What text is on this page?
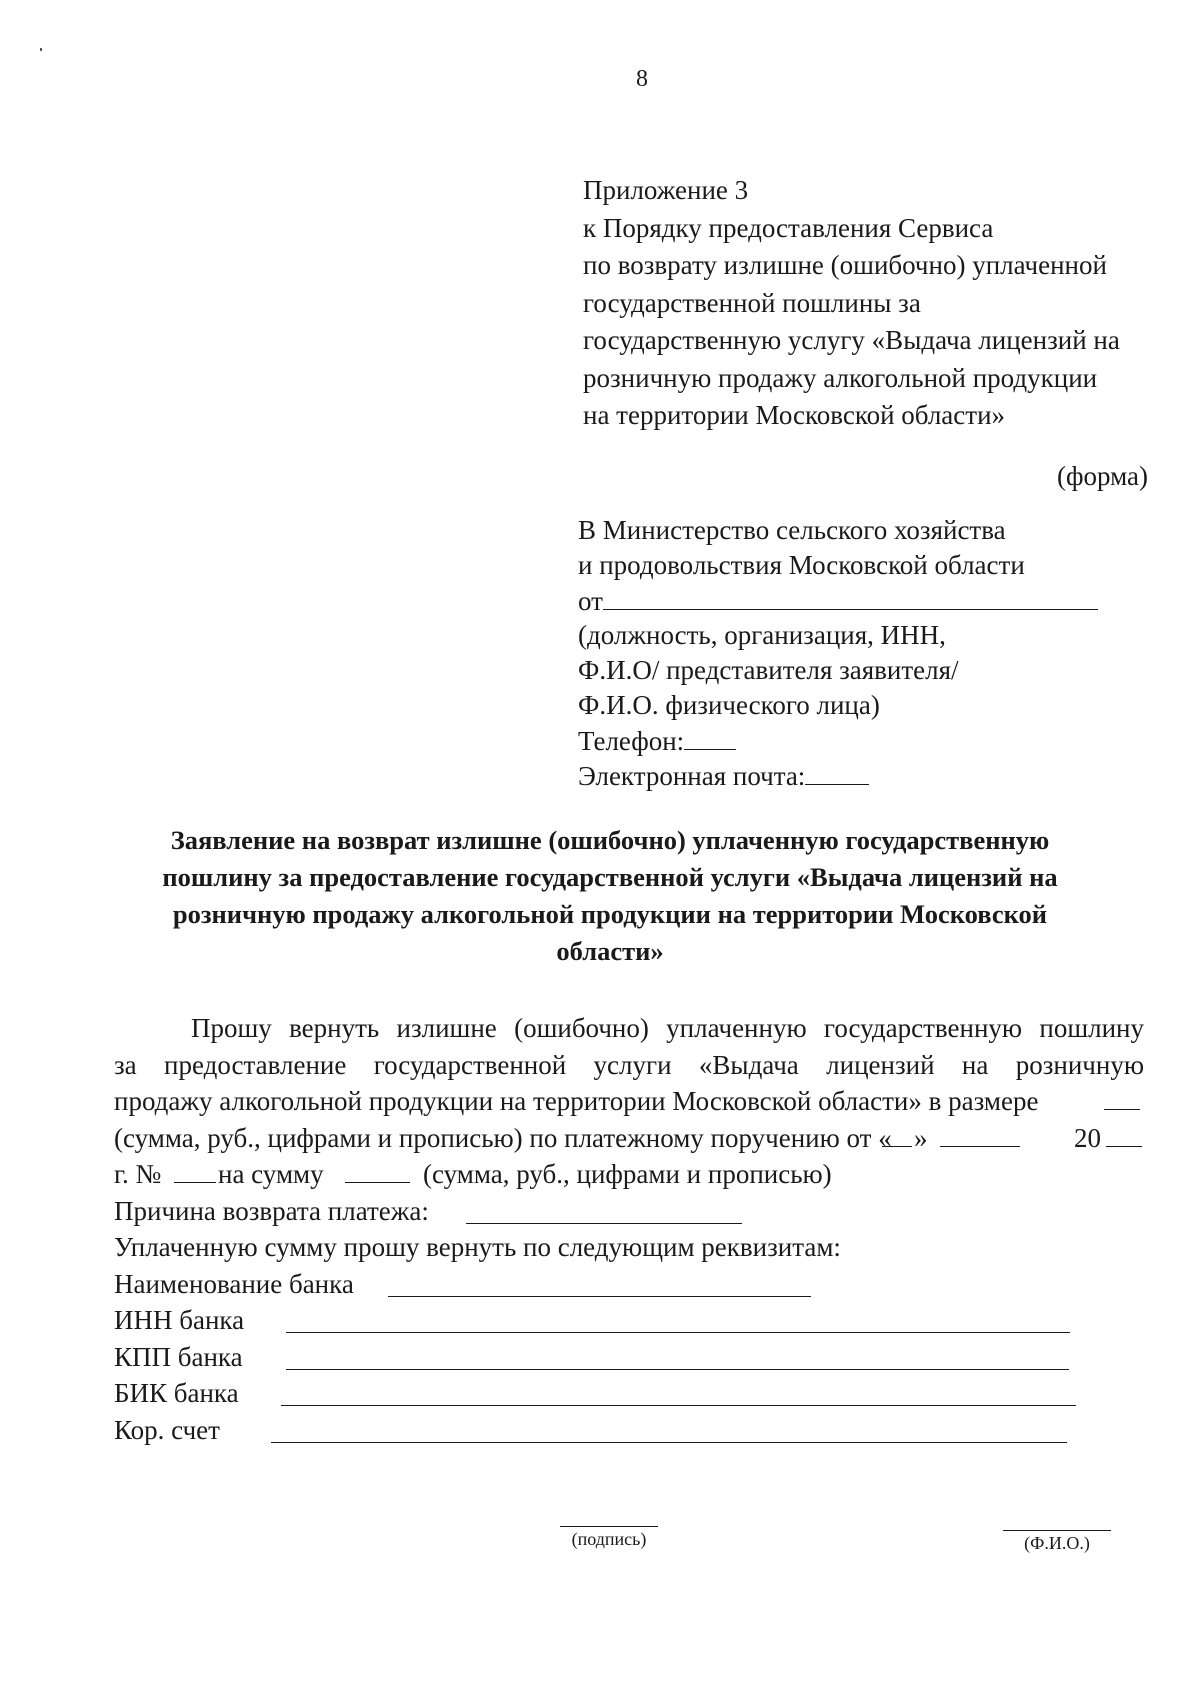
8
Приложение 3
к Порядку предоставления Сервиса
по возврату излишне (ошибочно) уплаченной
государственной пошлины за
государственную услугу «Выдача лицензий на
розничную продажу алкогольной продукции
на территории Московской области»
(форма)
В Министерство сельского хозяйства
и продовольствия Московской области
от
(должность, организация, ИНН,
Ф.И.О/ представителя заявителя/
Ф.И.О. физического лица)
Телефон:
Электронная почта:
Заявление на возврат излишне (ошибочно) уплаченную государственную
пошлину за предоставление государственной услуги «Выдача лицензий на
розничную продажу алкогольной продукции на территории Московской
области»
Прошу вернуть излишне (ошибочно) уплаченную государственную пошлину
за предоставление государственной услуги «Выдача лицензий на розничную
продажу алкогольной продукции на территории Московской области» в размере
(сумма, руб., цифрами и прописью) по платежному поручению от « »	20
г. № на сумму	(сумма, руб., цифрами и прописью)
Причина возврата платежа:
Уплаченную сумму прошу вернуть по следующим реквизитам:
Наименование банка
ИНН банка
КПП банка
БИК банка
Кор. счет
(подпись)	(Ф.И.О.)
